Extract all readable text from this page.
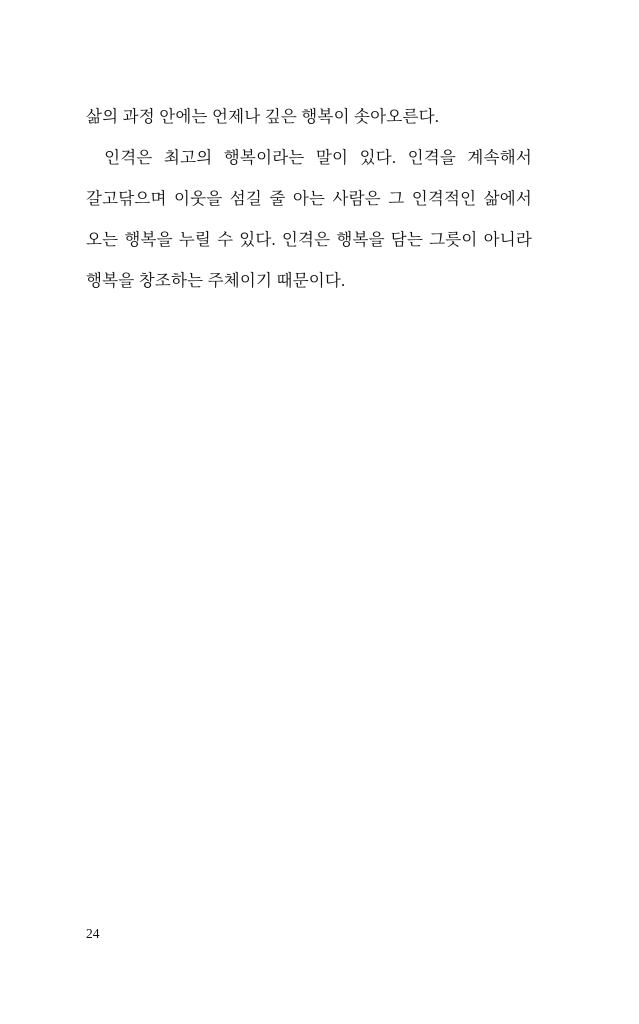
삶의 과정 안에는 언제나 깊은 행복이 솟아오른다.

인격은 최고의 행복이라는 말이 있다. 인격을 계속해서 갈고닦으며 이웃을 섬길 줄 아는 사람은 그 인격적인 삶에서 오는 행복을 누릴 수 있다. 인격은 행복을 담는 그릇이 아니라 행복을 창조하는 주체이기 때문이다.

24
